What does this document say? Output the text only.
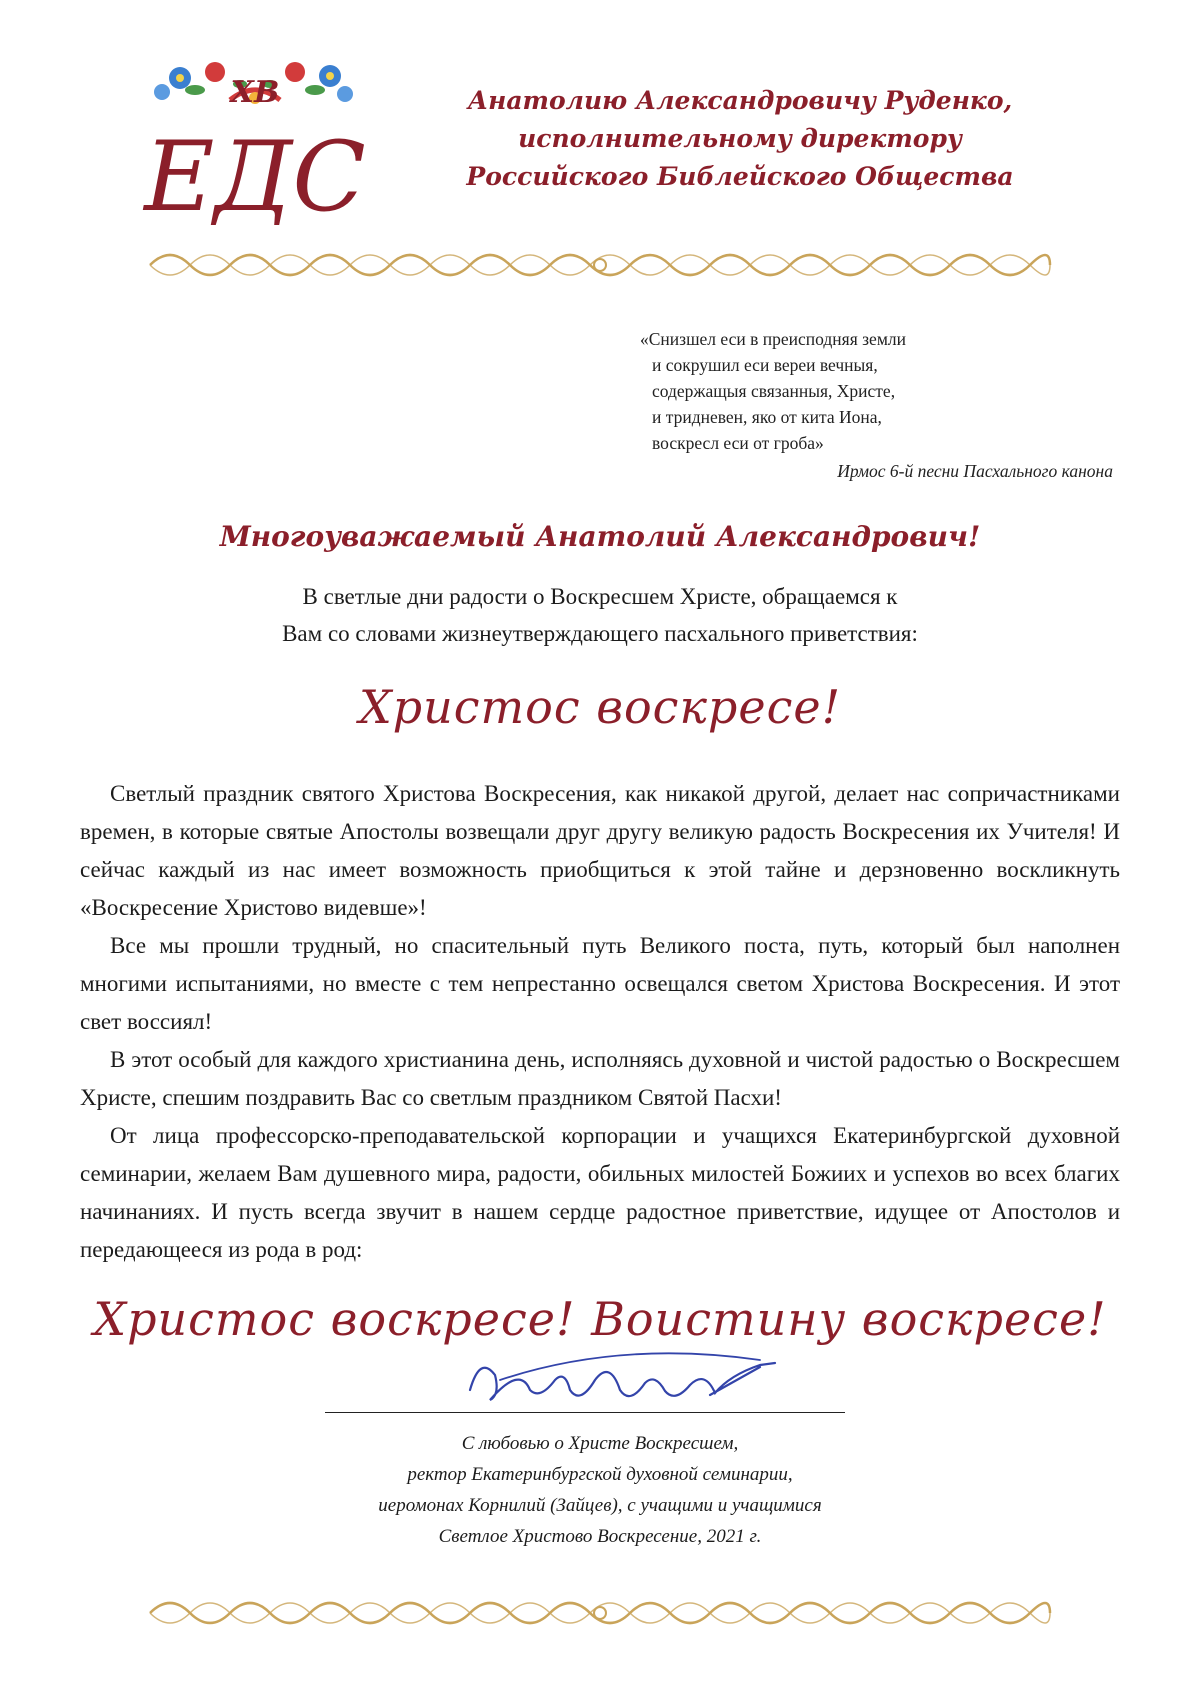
ХВ
ЕДС
Анатолию Александровичу Руденко,
исполнительному директору
Российского Библейского Общества
«Снизшел еси в преисподняя земли
и сокрушил еси вереи вечныя,
содержащыя связанныя, Христе,
и тридневен, яко от кита Иона,
воскресл еси от гроба»
Ирмос 6-й песни Пасхального канона
Многоуважаемый Анатолий Александрович!
В светлые дни радости о Воскресшем Христе, обращаемся к
Вам со словами жизнеутверждающего пасхального приветствия:
Христос воскресе!
Светлый праздник святого Христова Воскресения, как никакой другой, делает нас сопричастниками времен, в которые святые Апостолы возвещали друг другу великую радость Воскресения их Учителя! И сейчас каждый из нас имеет возможность приобщиться к этой тайне и дерзновенно воскликнуть «Воскресение Христово видевше»!
Все мы прошли трудный, но спасительный путь Великого поста, путь, который был наполнен многими испытаниями, но вместе с тем непрестанно освещался светом Христова Воскресения. И этот свет воссиял!
В этот особый для каждого христианина день, исполняясь духовной и чистой радостью о Воскресшем Христе, спешим поздравить Вас со светлым праздником Святой Пасхи!
От лица профессорско-преподавательской корпорации и учащихся Екатеринбургской духовной семинарии, желаем Вам душевного мира, радости, обильных милостей Божиих и успехов во всех благих начинаниях. И пусть всегда звучит в нашем сердце радостное приветствие, идущее от Апостолов и передающееся из рода в род:
Христос воскресе! Воистину воскресе!
С любовью о Христе Воскресшем,
ректор Екатеринбургской духовной семинарии,
иеромонах Корнилий (Зайцев), с учащими и учащимися
Светлое Христово Воскресение, 2021 г.
